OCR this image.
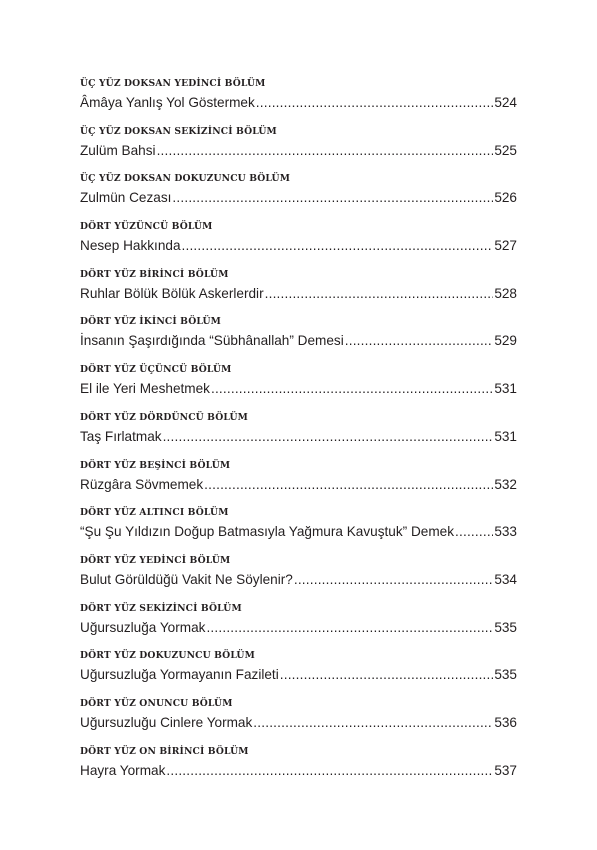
ÜÇ YÜZ DOKSAN YEDİNCİ BÖLÜM
Âmâya Yanlış Yol Göstermek .....	524
ÜÇ YÜZ DOKSAN SEKİZİNCİ BÖLÜM
Zulüm Bahsi .....	525
ÜÇ YÜZ DOKSAN DOKUZUNCU BÖLÜM
Zulmün Cezası .....	526
DÖRT YÜZÜNCÜ BÖLÜM
Nesep Hakkında .....	527
DÖRT YÜZ BİRİNCİ BÖLÜM
Ruhlar Bölük Bölük Askerlerdir .....	528
DÖRT YÜZ İKİNCİ BÖLÜM
İnsanın Şaşırdığında “Sübhânallah” Demesi .....	529
DÖRT YÜZ ÜÇÜNCÜ BÖLÜM
El ile Yeri Meshetmek .....	531
DÖRT YÜZ DÖRDÜNCÜ BÖLÜM
Taş Fırlatmak .....	531
DÖRT YÜZ BEŞİNCİ BÖLÜM
Rüzgâra Sövmemek .....	532
DÖRT YÜZ ALTINCI BÖLÜM
“Şu Şu Yıldızın Doğup Batmasıyla Yağmura Kavuştuk” Demek .....	533
DÖRT YÜZ YEDİNCİ BÖLÜM
Bulut Görüldüğü Vakit Ne Söylenir? .....	534
DÖRT YÜZ SEKİZİNCİ BÖLÜM
Uğursuzluğa Yormak .....	535
DÖRT YÜZ DOKUZUNCU BÖLÜM
Uğursuzluğa Yormayanın Fazileti .....	535
DÖRT YÜZ ONUNCU BÖLÜM
Uğursuzluğu Cinlere Yormak .....	536
DÖRT YÜZ ON BİRİNCİ BÖLÜM
Hayra Yormak .....	537
